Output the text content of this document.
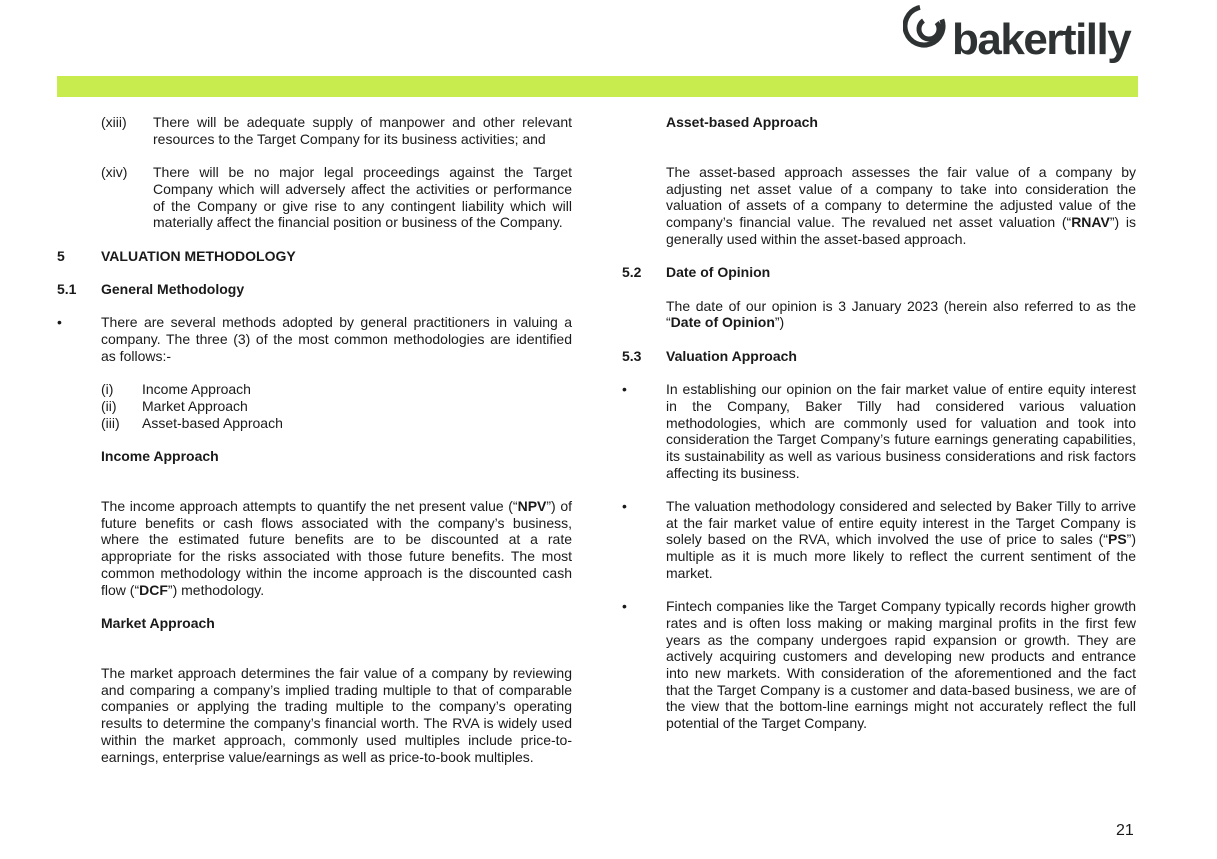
bakertilly
(xiii)	There will be adequate supply of manpower and other relevant resources to the Target Company for its business activities; and
(xiv)	There will be no major legal proceedings against the Target Company which will adversely affect the activities or performance of the Company or give rise to any contingent liability which will materially affect the financial position or business of the Company.
5	VALUATION METHODOLOGY
5.1	General Methodology
•	There are several methods adopted by general practitioners in valuing a company. The three (3) of the most common methodologies are identified as follows:-
(i)	Income Approach
(ii)	Market Approach
(iii)	Asset-based Approach
Income Approach
The income approach attempts to quantify the net present value (“NPV”) of future benefits or cash flows associated with the company’s business, where the estimated future benefits are to be discounted at a rate appropriate for the risks associated with those future benefits. The most common methodology within the income approach is the discounted cash flow (“DCF”) methodology.
Market Approach
The market approach determines the fair value of a company by reviewing and comparing a company’s implied trading multiple to that of comparable companies or applying the trading multiple to the company’s operating results to determine the company’s financial worth. The RVA is widely used within the market approach, commonly used multiples include price-to-earnings, enterprise value/earnings as well as price-to-book multiples.
Asset-based Approach
The asset-based approach assesses the fair value of a company by adjusting net asset value of a company to take into consideration the valuation of assets of a company to determine the adjusted value of the company’s financial value. The revalued net asset valuation (“RNAV”) is generally used within the asset-based approach.
5.2	Date of Opinion
The date of our opinion is 3 January 2023 (herein also referred to as the “Date of Opinion”)
5.3	Valuation Approach
•	In establishing our opinion on the fair market value of entire equity interest in the Company, Baker Tilly had considered various valuation methodologies, which are commonly used for valuation and took into consideration the Target Company’s future earnings generating capabilities, its sustainability as well as various business considerations and risk factors affecting its business.
•	The valuation methodology considered and selected by Baker Tilly to arrive at the fair market value of entire equity interest in the Target Company is solely based on the RVA, which involved the use of price to sales (“PS”) multiple as it is much more likely to reflect the current sentiment of the market.
•	Fintech companies like the Target Company typically records higher growth rates and is often loss making or making marginal profits in the first few years as the company undergoes rapid expansion or growth. They are actively acquiring customers and developing new products and entrance into new markets. With consideration of the aforementioned and the fact that the Target Company is a customer and data-based business, we are of the view that the bottom-line earnings might not accurately reflect the full potential of the Target Company.
21
